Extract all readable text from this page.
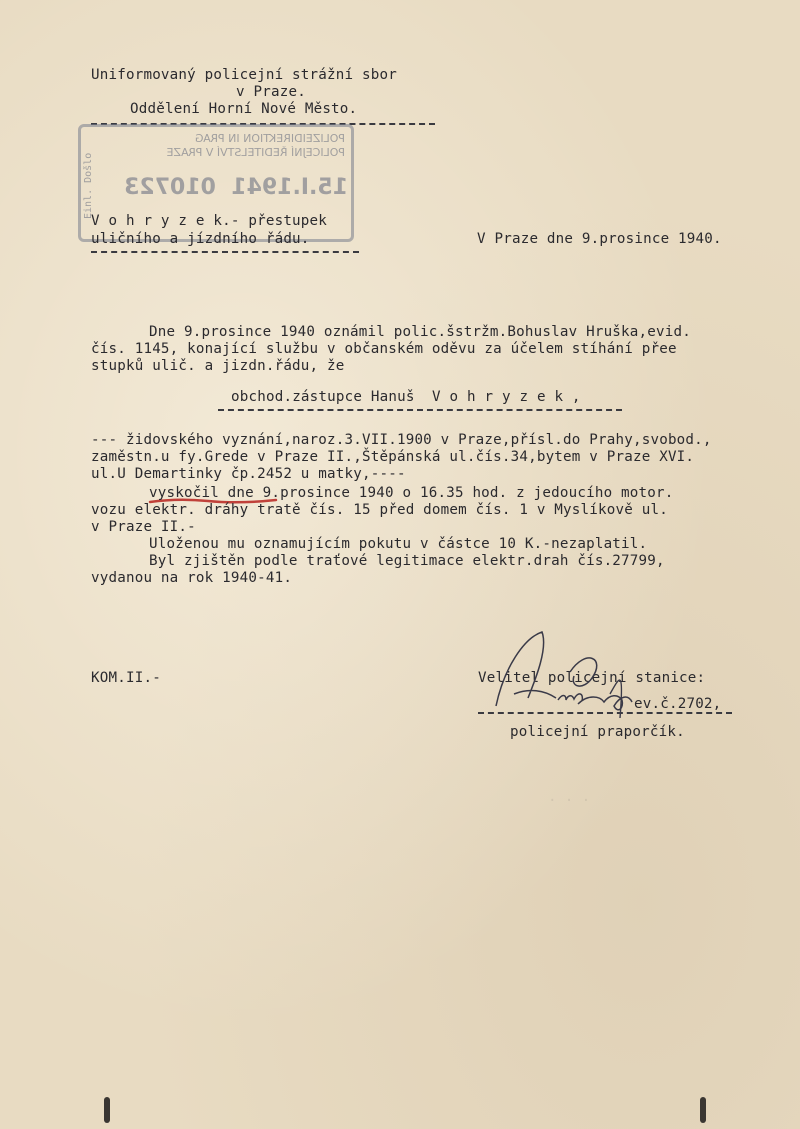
Uniformovaný policejní strážní sbor
v Praze.
Oddělení Horní Nové Město.
POLIZEIDIREKTION IN PRAG
POLICEJNÍ ŘEDITELSTVÍ V PRAZE
15.I.1941  010723
Einl. Došlo
V o h r y z e k.- přestupek
uličního a jízdního řádu.	V Praze dne 9.prosince 1940.
Dne 9.prosince 1940 oznámil polic.šstržm.Bohuslav Hruška,evid.
čís. 1145, konající službu v občanském oděvu za účelem stíhání přee
stupků ulič. a jizdn.řádu, že
obchod.zástupce Hanuš  V o h r y z e k ,
--- židovského vyznání,naroz.3.VII.1900 v Praze,přísl.do Prahy,svobod.,
zaměstn.u fy.Grede v Praze II.,Štěpánská ul.čís.34,bytem v Praze XVI.
ul.U Demartinky čp.2452 u matky,----
vyskočil dne 9.prosince 1940 o 16.35 hod. z jedoucího motor.
vozu elektr. dráhy tratě čís. 15 před domem čís. 1 v Myslíkově ul.
v Praze II.-
Uloženou mu oznamujícím pokutu v částce 10 K.-nezaplatil.
Byl zjištěn podle traťové legitimace elektr.drah čís.27799,
vydanou na rok 1940-41.
KOM.II.-	Velitel policejní stanice:
ev.č.2702,
policejní praporčík.
· · ·
